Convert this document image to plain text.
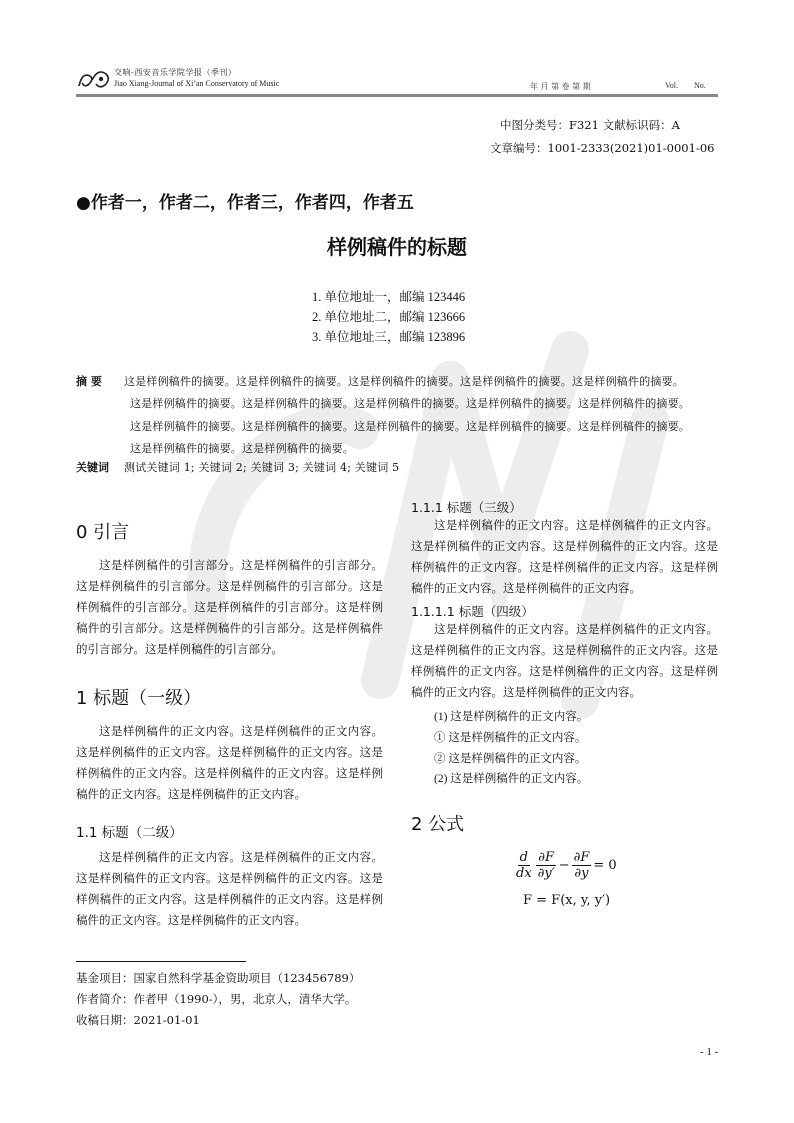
交响-西安音乐学院学报（季刊）
Jiao Xiang-Journal of Xi’an Conservatory of Music	年 月 第 卷 第 期	Vol. No.
中图分类号：F321 文献标识码：A
文章编号：1001-2333(2021)01-0001-06
●作者一，作者二，作者三，作者四，作者五
样例稿件的标题
1. 单位地址一，邮编 123446
2. 单位地址二，邮编 123666
3. 单位地址三，邮编 123896
摘 要 这是样例稿件的摘要。这是样例稿件的摘要。这是样例稿件的摘要。这是样例稿件的摘要。这是样例稿件的摘要。
这是样例稿件的摘要。这是样例稿件的摘要。这是样例稿件的摘要。这是样例稿件的摘要。这是样例稿件的摘要。
这是样例稿件的摘要。这是样例稿件的摘要。这是样例稿件的摘要。这是样例稿件的摘要。这是样例稿件的摘要。
这是样例稿件的摘要。这是样例稿件的摘要。
关键词 测试关键词 1; 关键词 2; 关键词 3; 关键词 4; 关键词 5
0 引言

这是样例稿件的引言部分。这是样例稿件的引言部分。这是样例稿件的引言部分。这是样例稿件的引言部分。这是样例稿件的引言部分。这是样例稿件的引言部分。这是样例稿件的引言部分。这是样例稿件的引言部分。这是样例稿件的引言部分。这是样例稿件的引言部分。

1 标题（一级）

这是样例稿件的正文内容。这是样例稿件的正文内容。这是样例稿件的正文内容。这是样例稿件的正文内容。这是样例稿件的正文内容。这是样例稿件的正文内容。这是样例稿件的正文内容。这是样例稿件的正文内容。

1.1 标题（二级）

这是样例稿件的正文内容。这是样例稿件的正文内容。这是样例稿件的正文内容。这是样例稿件的正文内容。这是样例稿件的正文内容。这是样例稿件的正文内容。这是样例稿件的正文内容。这是样例稿件的正文内容。

1.1.1 标题（三级）

这是样例稿件的正文内容。这是样例稿件的正文内容。这是样例稿件的正文内容。这是样例稿件的正文内容。这是样例稿件的正文内容。这是样例稿件的正文内容。这是样例稿件的正文内容。这是样例稿件的正文内容。

1.1.1.1 标题（四级）

这是样例稿件的正文内容。这是样例稿件的正文内容。这是样例稿件的正文内容。这是样例稿件的正文内容。这是样例稿件的正文内容。这是样例稿件的正文内容。这是样例稿件的正文内容。这是样例稿件的正文内容。

(1) 这是样例稿件的正文内容。
① 这是样例稿件的正文内容。
② 这是样例稿件的正文内容。
(2) 这是样例稿件的正文内容。
2 公式
$\frac{d}{dx} \frac{\partial F}{\partial y'} - \frac{\partial F}{\partial y} = 0$
F = F(x, y, y′)
基金项目：国家自然科学基金资助项目（123456789）
作者简介：作者甲（1990-），男，北京人，清华大学。
收稿日期：2021-01-01
- 1 -
